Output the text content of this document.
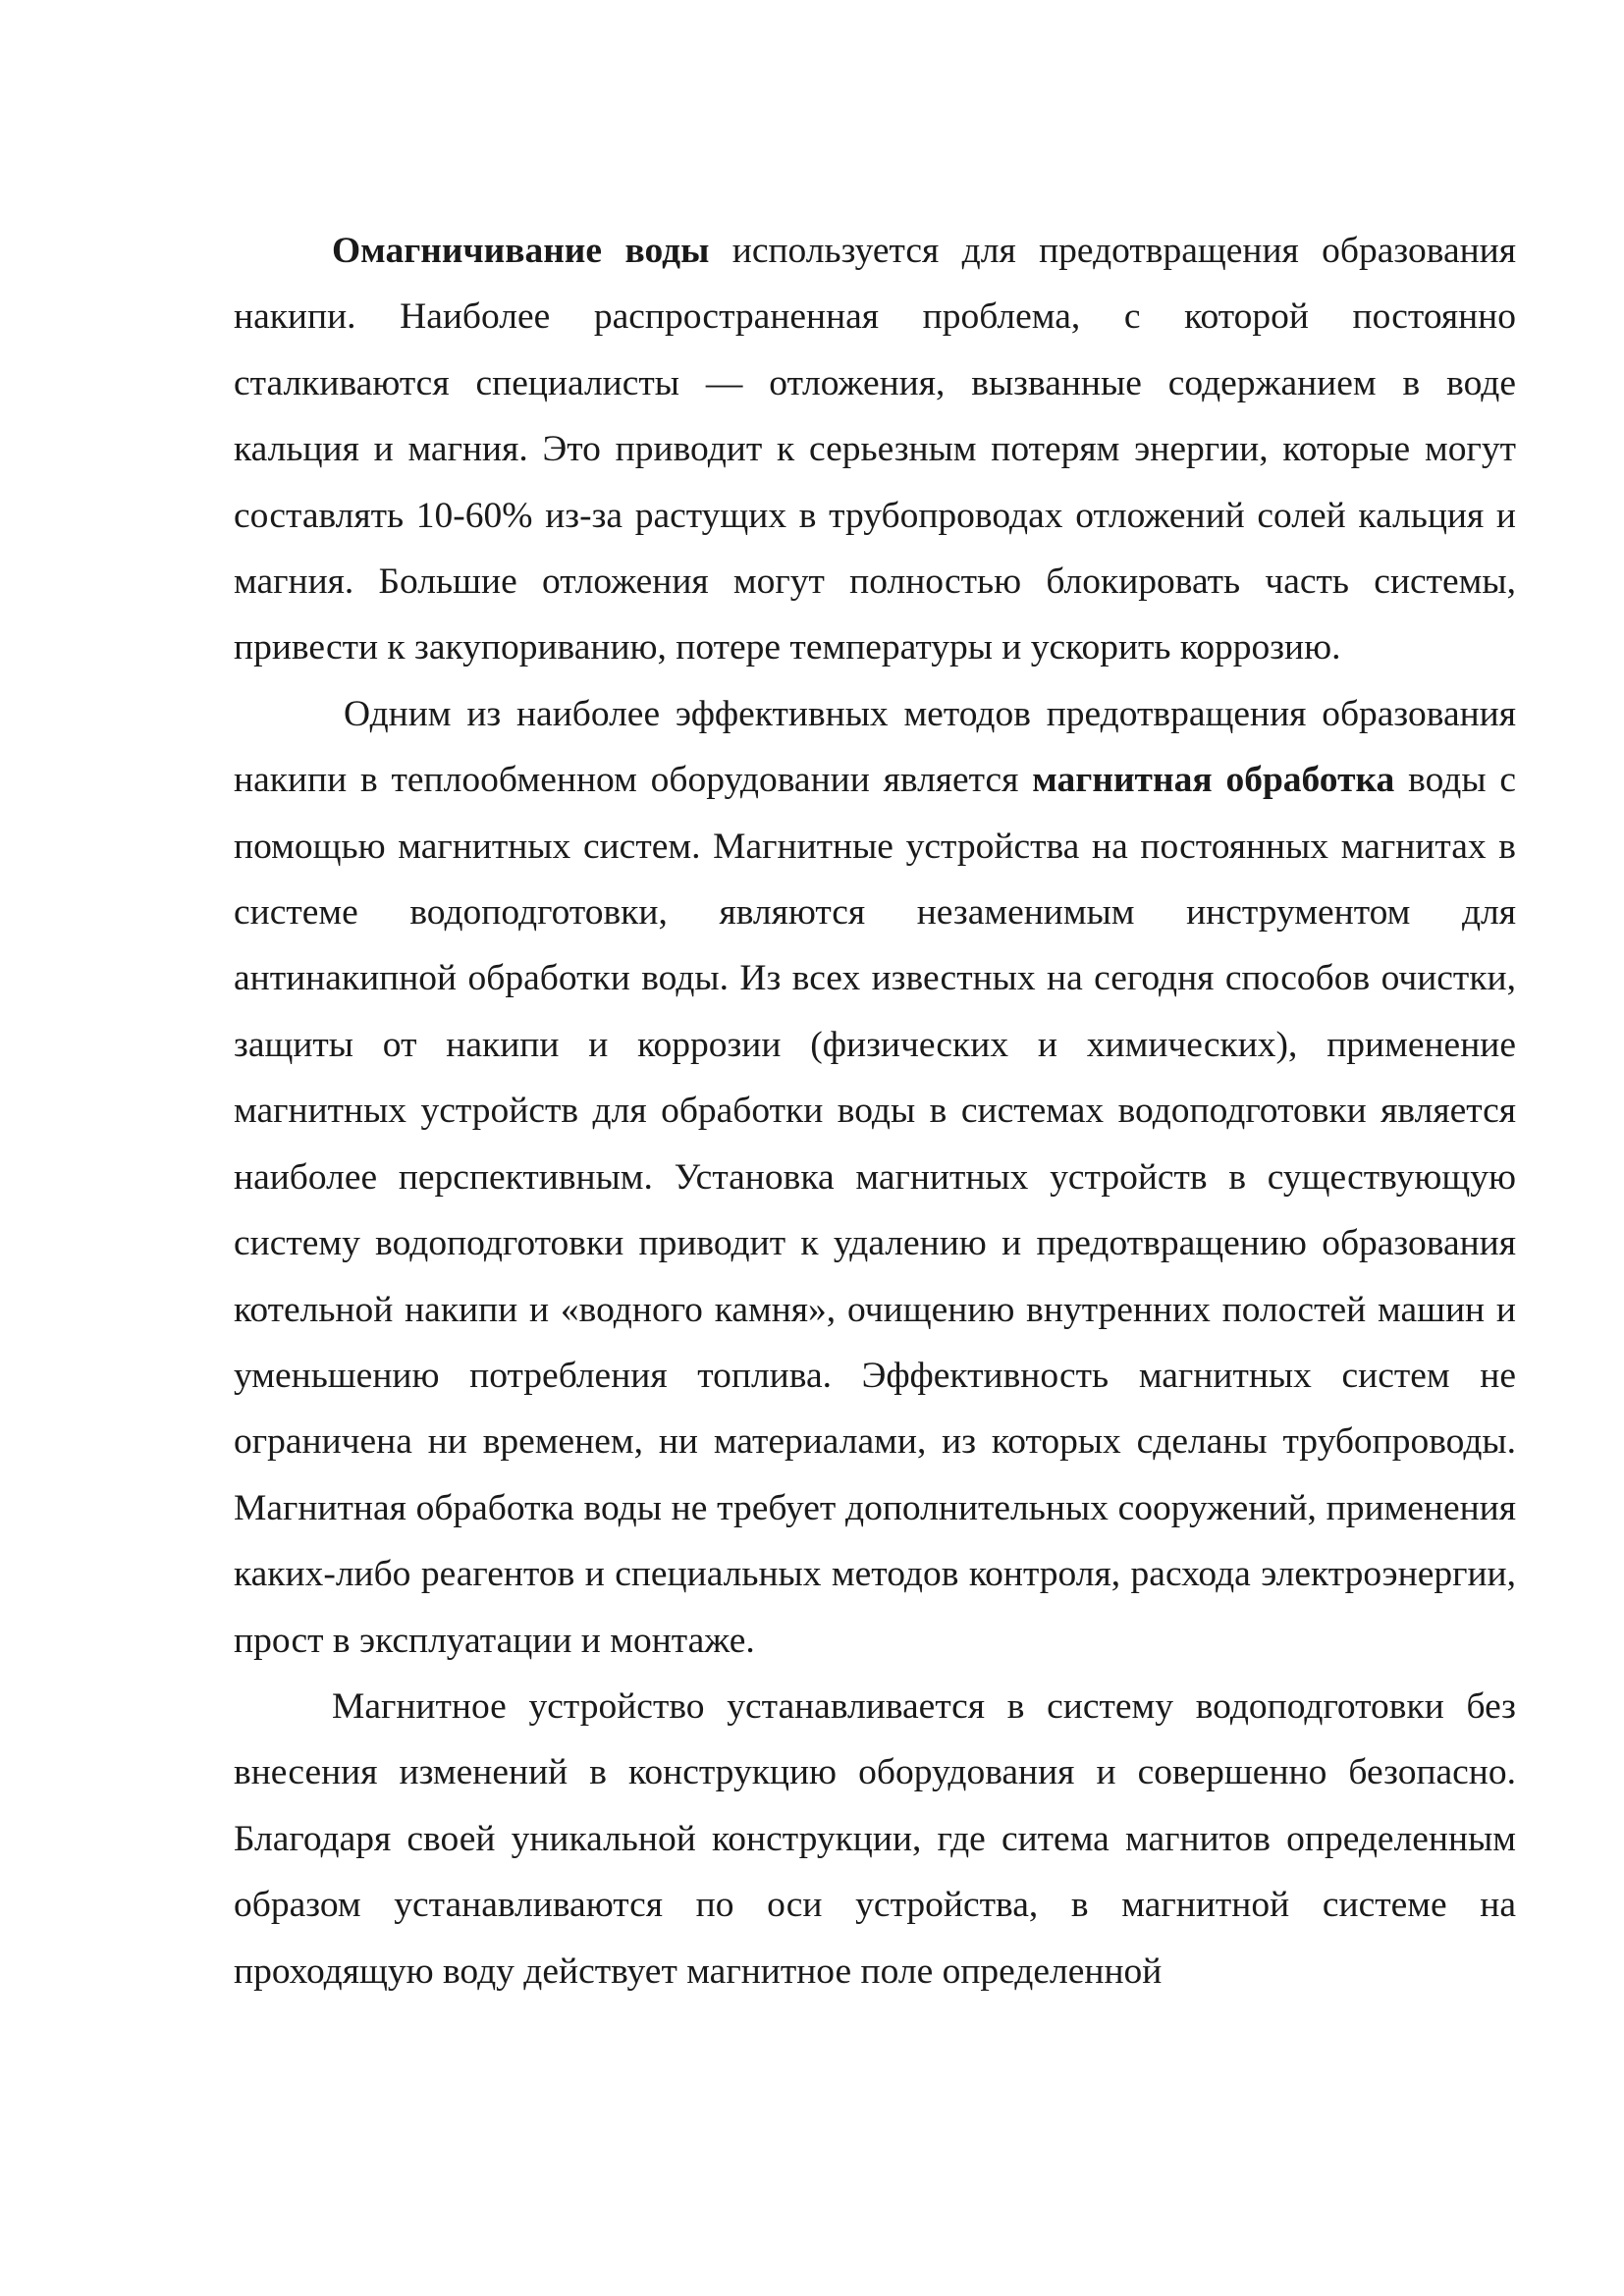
Омагничивание воды используется для предотвращения образования накипи. Наиболее распространенная проблема, с которой постоянно сталкиваются специалисты — отложения, вызванные содержанием в воде кальция и магния. Это приводит к серьезным потерям энергии, которые могут составлять 10-60% из-за растущих в трубопроводах отложений солей кальция и магния. Большие отложения могут полностью блокировать часть системы, привести к закупориванию, потере температуры и ускорить коррозию.

Одним из наиболее эффективных методов предотвращения образования накипи в теплообменном оборудовании является магнитная обработка воды с помощью магнитных систем. Магнитные устройства на постоянных магнитах в системе водоподготовки, являются незаменимым инструментом для антинакипной обработки воды. Из всех известных на сегодня способов очистки, защиты от накипи и коррозии (физических и химических), применение магнитных устройств для обработки воды в системах водоподготовки является наиболее перспективным. Установка магнитных устройств в существующую систему водоподготовки приводит к удалению и предотвращению образования котельной накипи и «водного камня», очищению внутренних полостей машин и уменьшению потребления топлива. Эффективность магнитных систем не ограничена ни временем, ни материалами, из которых сделаны трубопроводы. Магнитная обработка воды не требует дополнительных сооружений, применения каких-либо реагентов и специальных методов контроля, расхода электроэнергии, прост в эксплуатации и монтаже.

Магнитное устройство устанавливается в систему водоподготовки без внесения изменений в конструкцию оборудования и совершенно безопасно. Благодаря своей уникальной конструкции, где ситема магнитов определенным образом устанавливаются по оси устройства, в магнитной системе на проходящую воду действует магнитное поле определенной
